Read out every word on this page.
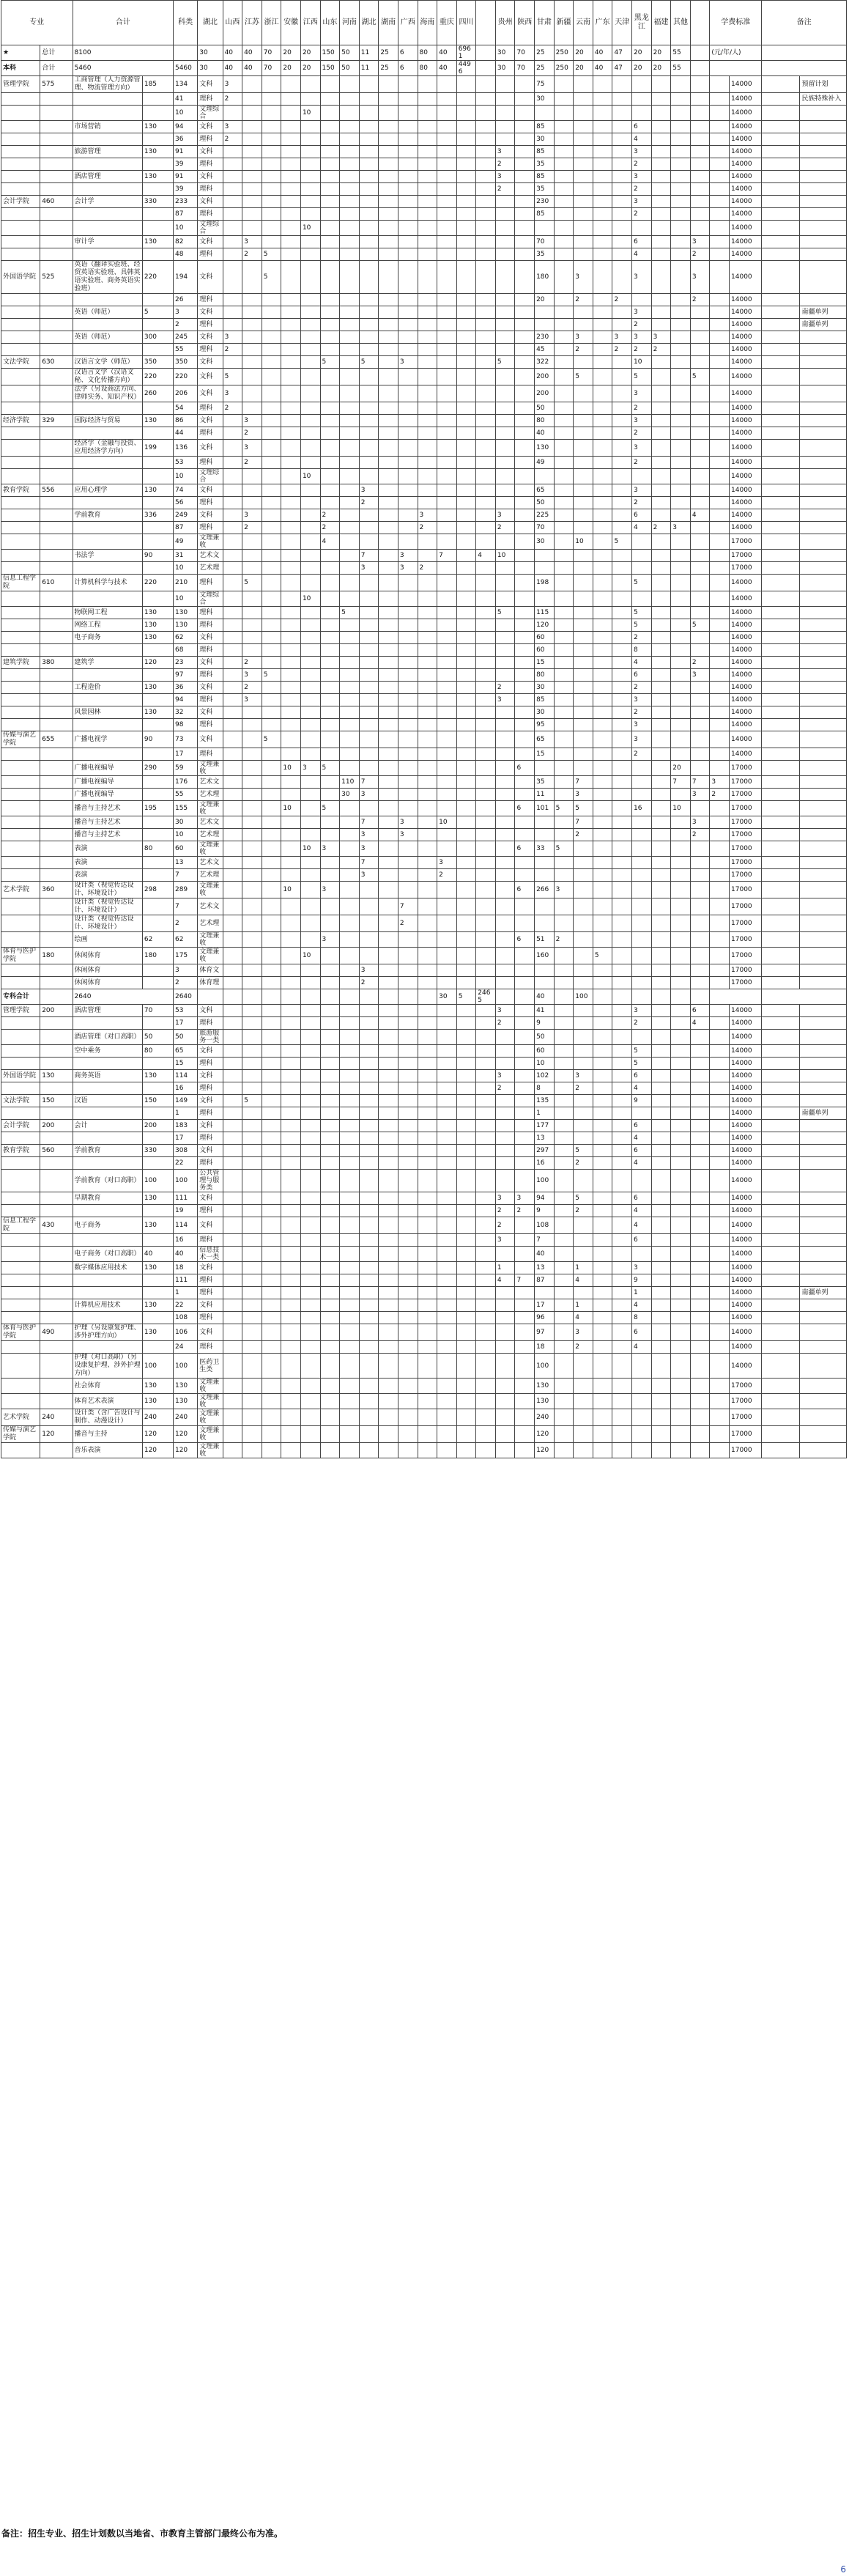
专业		合计		科类	湖北	山西	江苏	浙江	安徽	江西	山东	河南	湖北	湖南	广西	海南	重庆	四川		贵州	陕西	甘肃	新疆	云南	广东	天津	黑龙江	福建	其他		学费标准		备注	
★	总计	8100			30	40	40	70	20	20	150	50	11	25	6	80	40	6961		30	70	25	250	20	40	47	20	20	55		(元/年/人)			
本科	合计	5460		5460	30	40	40	70	20	20	150	50	11	25	6	80	40	4496		30	70	25	250	20	40	47	20	20	55					
管理学院	575	工商管理（人力资源管理、物流管理方向）	185	134	文科	3																75										14000		预留计划
				41	理科	2																30										14000		民族特殊补入
				10	文理综合					10																						14000		
		市场营销	130	94	文科	3																85					6					14000		
				36	理科	2																30					4					14000		
		旅游管理	130	91	文科															3		85					3					14000		
				39	理科															2		35					2					14000		
		酒店管理	130	91	文科															3		85					3					14000		
				39	理科															2		35					2					14000		
会计学院	460	会计学	330	233	文科																	230					3					14000		
				87	理科																	85					2					14000		
				10	文理综合					10																						14000		
		审计学	130	82	文科		3															70					6			3		14000		
				48	理科		2	5														35					4			2		14000		
外国语学院	525	英语（翻译实验班、经贸英语实验班、具韩英语实验班、商务英语实验班）	220	194	文科			5														180		3			3			3		14000		
				26	理科																	20		2		2				2		14000		
		英语（师范）	5	3	文科																						3					14000		南疆单列
				2	理科																						2					14000		南疆单列
		英语（师范）	300	245	文科	3																230		3		3	3	3				14000		
				55	理科	2																45		2		2	2	2				14000		
文法学院	630	汉语言文学（师范）	350	350	文科						5		5		3					5		322					10					14000		
		汉语言文学（汉语文秘、文化传播方向）	220	220	文科	5																200		5			5			5		14000		
		法学（另设商法方向、律师实务、知识产权）	260	206	文科	3																200					3					14000		
				54	理科	2																50					2					14000		
经济学院	329	国际经济与贸易	130	86	文科		3															80					3					14000		
				44	理科		2															40					2					14000		
		经济学（金融与投资、应用经济学方向）	199	136	文科		3															130					3					14000		
				53	理科		2															49					2					14000		
				10	文理综合					10																						14000		
教育学院	556	应用心理学	130	74	文科								3									65					3					14000		
				56	理科								2									50					2					14000		
		学前教育	336	249	文科		3				2					3				3		225					6			4		14000		
				87	理科		2				2					2				2		70					4	2	3			14000		
				49	文理兼收						4											30		10		5						17000		
		书法学	90	31	艺术文								7		3		7		4	10												17000		
				10	艺术理								3		3	2																17000		
信息工程学院	610	计算机科学与技术	220	210	理科		5															198					5					14000		
				10	文理综合					10																						14000		
		物联网工程	130	130	理科							5								5		115					5					14000		
		网络工程	130	130	理科																	120					5			5		14000		
		电子商务	130	62	文科																	60					2					14000		
				68	理科																	60					8					14000		
建筑学院	380	建筑学	120	23	文科		2															15					4			2		14000		
				97	理科		3	5														80					6			3		14000		
		工程造价	130	36	文科		2													2		30					2					14000		
				94	理科		3													3		85					3					14000		
		风景园林	130	32	文科																	30					2					14000		
				98	理科																	95					3					14000		
传媒与演艺学院	655	广播电视学	90	73	文科			5														65					3					14000		
				17	理科																	15					2					14000		
		广播电视编导	290	59	文理兼收				10	3	5										6								20			17000		
		广播电视编导		176	艺术文							110	7									35		7					7	7	3	17000		
		广播电视编导		55	艺术理							30	3									11		3						3	2	17000		
		播音与主持艺术	195	155	文理兼收				10		5										6	101	5	5			16		10			17000		
		播音与主持艺术		30	艺术文								7		3		10							7						3		17000		
		播音与主持艺术		10	艺术理								3		3									2						2		17000		
		表演	80	60	文理兼收					10	3		3								6	33	5									17000		
		表演		13	艺术文								7				3															17000		
		表演		7	艺术理								3				2															17000		
艺术学院	360	设计类（视觉传达设计、环境设计）	298	289	文理兼收				10		3										6	266	3									17000		
		设计类（视觉传达设计、环境设计）		7	艺术文										7																	17000		
		设计类（视觉传达设计、环境设计）		2	艺术理										2																	17000		
		绘画	62	62	文理兼收						3										6	51	2									17000		
体育与医护学院	180	休闲体育	180	175	文理兼收					10												160			5							17000		
		休闲体育		3	体育文								3																			17000		
		休闲体育		2	体育理								2																			17000		
专科合计		2640		2640													30	5	2465			40		100										
管理学院	200	酒店管理	70	53	文科															3		41					3			6		14000		
				17	理科															2		9					2			4		14000		
		酒店管理（对口高职）	50	50	旅游服务一类																	50										14000		
		空中乘务	80	65	文科																	60					5					14000		
				15	理科																	10					5					14000		
外国语学院	130	商务英语	130	114	文科															3		102		3			6					14000		
				16	理科															2		8		2			4					14000		
文法学院	150	汉语	150	149	文科		5															135					9					14000		
				1	理科																	1										14000		南疆单列
会计学院	200	会计	200	183	文科																	177					6					14000		
				17	理科																	13					4					14000		
教育学院	560	学前教育	330	308	文科																	297		5			6					14000		
				22	理科																	16		2			4					14000		
		学前教育（对口高职）	100	100	公共管理与服务类																	100										14000		
		早期教育	130	111	文科															3	3	94		5			6					14000		
				19	理科															2	2	9		2			4					14000		
信息工程学院	430	电子商务	130	114	文科															2		108					4					14000		
				16	理科															3		7					6					14000		
		电子商务（对口高职）	40	40	信息技术一类																	40										14000		
		数字媒体应用技术	130	18	文科															1		13		1			3					14000		
				111	理科															4	7	87		4			9					14000		
				1	理科																						1					14000		南疆单列
		计算机应用技术	130	22	文科																	17		1			4					14000		
				108	理科																	96		4			8					14000		
体育与医护学院	490	护理（另设康复护理、涉外护理方向）	130	106	文科																	97		3			6					14000		
				24	理科																	18		2			4					14000		
		护理（对口高职）（另设康复护理、涉外护理方向）	100	100	医药卫生类																	100										14000		
		社会体育	130	130	文理兼收																	130										17000		
		体育艺术表演	130	130	文理兼收																	130										17000		
艺术学院	240	设计类（含广告设计与制作、动漫设计）	240	240	文理兼收																	240										17000		
传媒与演艺学院	120	播音与主持	120	120	文理兼收																	120										17000		
		音乐表演	120	120	文理兼收																	120										17000		
备注：招生专业、招生计划数以当地省、市教育主管部门最终公布为准。
6
